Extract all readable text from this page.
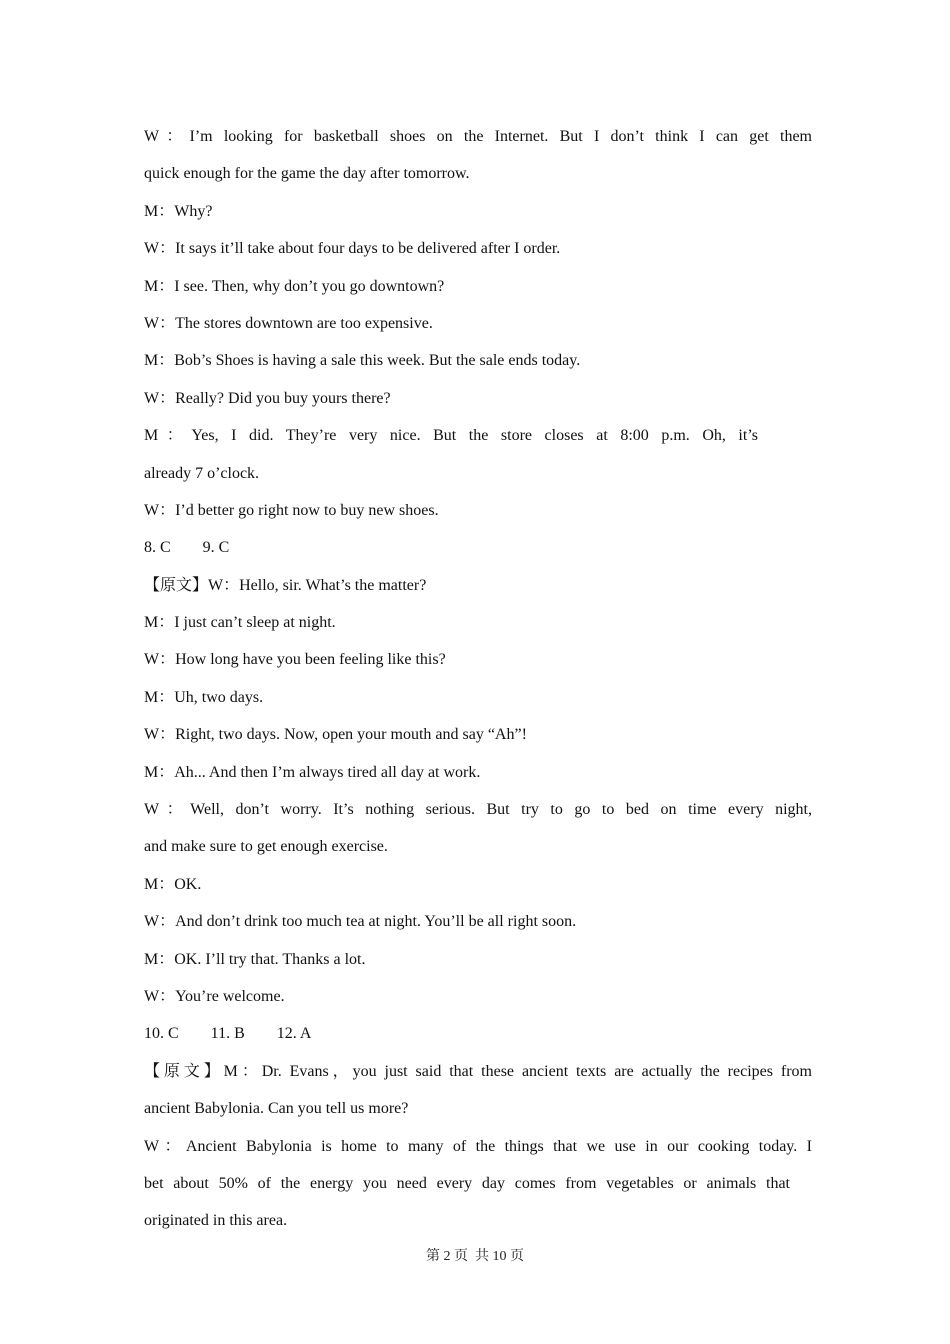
W：I’m looking for basketball shoes on the Internet. But I don’t think I can get them
quick enough for the game the day after tomorrow.
M：Why?
W：It says it’ll take about four days to be delivered after I order.
M：I see. Then, why don’t you go downtown?
W：The stores downtown are too expensive.
M：Bob’s Shoes is having a sale this week. But the sale ends today.
W：Really? Did you buy yours there?
M：Yes, I did. They’re very nice. But the store closes at 8:00 p.m. Oh, it’s
already 7 o’clock.
W：I’d better go right now to buy new shoes.
8. C        9. C
【原文】W：Hello, sir. What’s the matter?
M：I just can’t sleep at night.
W：How long have you been feeling like this?
M：Uh, two days.
W：Right, two days. Now, open your mouth and say “Ah”!
M：Ah... And then I’m always tired all day at work.
W：Well, don’t worry. It’s nothing serious. But try to go to bed on time every night,
and make sure to get enough exercise.
M：OK.
W：And don’t drink too much tea at night. You’ll be all right soon.
M：OK. I’ll try that. Thanks a lot.
W：You’re welcome.
10. C        11. B        12. A
【原文】M：Dr. Evans，you just said that these ancient texts are actually the recipes from
ancient Babylonia. Can you tell us more?
W：Ancient Babylonia is home to many of the things that we use in our cooking today. I
bet about 50% of the energy you need every day comes from vegetables or animals that
originated in this area.
第 2 页  共 10 页
